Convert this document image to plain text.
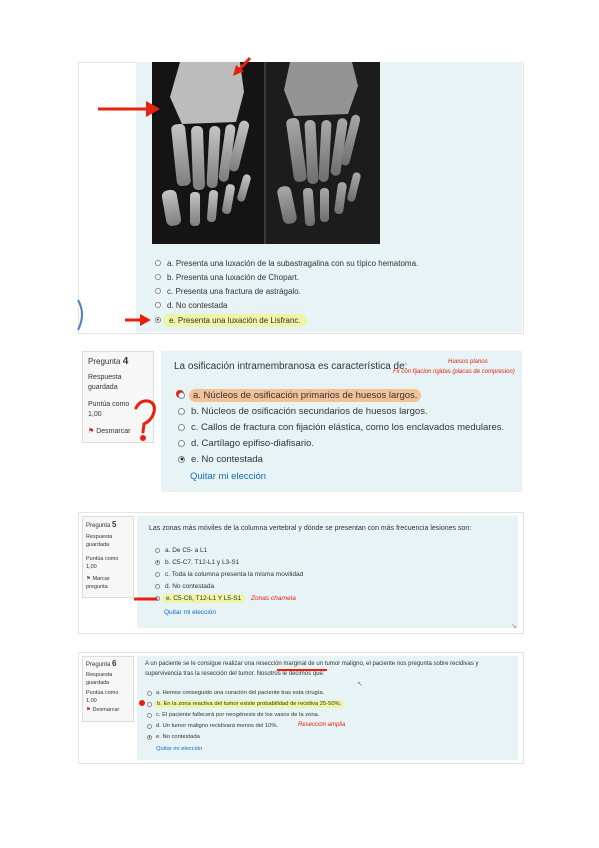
a. Presenta una luxación de la subastragalina con su típico hematoma.
b. Presenta una luxación de Chopart.
c. Presenta una fractura de astrágalo.
d. No contestada
e. Presenta una luxación de Lisfranc.
Pregunta 4
Respuesta guardada
Puntúa como 1,00
⚑ Desmarcar
La osificación intramembranosa es característica de:	Huesos planos
Fx con fijacion rigidas (placas de compresion)
a. Núcleos de osificación primarios de huesos largos.
b. Núcleos de osificación secundarios de huesos largos.
c. Callos de fractura con fijación elástica, como los enclavados medulares.
d. Cartílago epifiso-diafisario.
e. No contestada
Quitar mi elección
Pregunta 5
Respuesta guardada
Puntúa como 1,00
⚑ Marcar pregunta
Las zonas más móviles de la columna vertebral y dónde se presentan con más frecuencia lesiones son:
a. De C5- a L1
b. C5-C7, T12-L1 y L3-S1
c. Toda la columna presenta la misma movilidad
d. No contestada
e. C5-C6, T12-L1 Y L5-S1	Zonas charnela
Quitar mi elección
↘
Pregunta 6
Respuesta guardada
Puntúa como 1,00
⚑ Desmarcar
A un paciente se le consigue realizar una resección marginal de un tumor maligno, el paciente nos pregunta sobre recidivas y
supervivencia tras la resección del tumor. Nosotros le decimos que:
↖
a. Hemos conseguido una curación del paciente tras esta cirugía.
b. En la zona reactiva del tumor existe probabilidad de recidiva 25-50%.
c. El paciente fallecerá por neogénesis de los vasos de la zona.
d. Un tumor maligno recidivará menos del 10%.	Reseccion amplia
e. No contestada
Quitar mi elección
